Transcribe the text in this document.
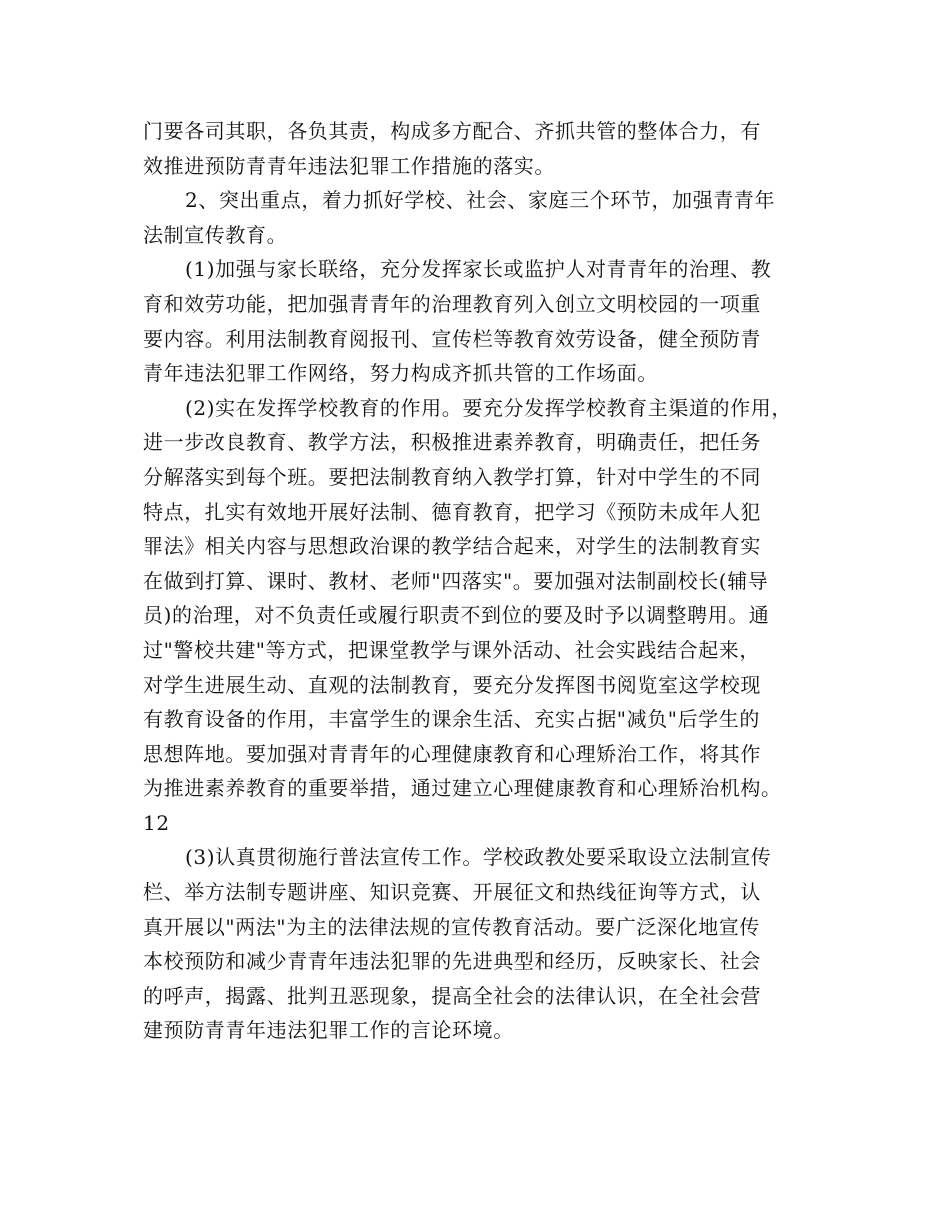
门要各司其职，各负其责，构成多方配合、齐抓共管的整体合力，有
效推进预防青青年违法犯罪工作措施的落实。
2、突出重点，着力抓好学校、社会、家庭三个环节，加强青青年
法制宣传教育。
(1)加强与家长联络，充分发挥家长或监护人对青青年的治理、教
育和效劳功能，把加强青青年的治理教育列入创立文明校园的一项重
要内容。利用法制教育阅报刊、宣传栏等教育效劳设备，健全预防青
青年违法犯罪工作网络，努力构成齐抓共管的工作场面。
(2)实在发挥学校教育的作用。要充分发挥学校教育主渠道的作用，
进一步改良教育、教学方法，积极推进素养教育，明确责任，把任务
分解落实到每个班。要把法制教育纳入教学打算，针对中学生的不同
特点，扎实有效地开展好法制、德育教育，把学习《预防未成年人犯
罪法》相关内容与思想政治课的教学结合起来，对学生的法制教育实
在做到打算、课时、教材、老师"四落实"。要加强对法制副校长(辅导
员)的治理，对不负责任或履行职责不到位的要及时予以调整聘用。通
过"警校共建"等方式，把课堂教学与课外活动、社会实践结合起来，
对学生进展生动、直观的法制教育，要充分发挥图书阅览室这学校现
有教育设备的作用，丰富学生的课余生活、充实占据"减负"后学生的
思想阵地。要加强对青青年的心理健康教育和心理矫治工作，将其作
为推进素养教育的重要举措，通过建立心理健康教育和心理矫治机构。
12
(3)认真贯彻施行普法宣传工作。学校政教处要采取设立法制宣传
栏、举方法制专题讲座、知识竞赛、开展征文和热线征询等方式，认
真开展以"两法"为主的法律法规的宣传教育活动。要广泛深化地宣传
本校预防和减少青青年违法犯罪的先进典型和经历，反映家长、社会
的呼声，揭露、批判丑恶现象，提高全社会的法律认识，在全社会营
建预防青青年违法犯罪工作的言论环境。
